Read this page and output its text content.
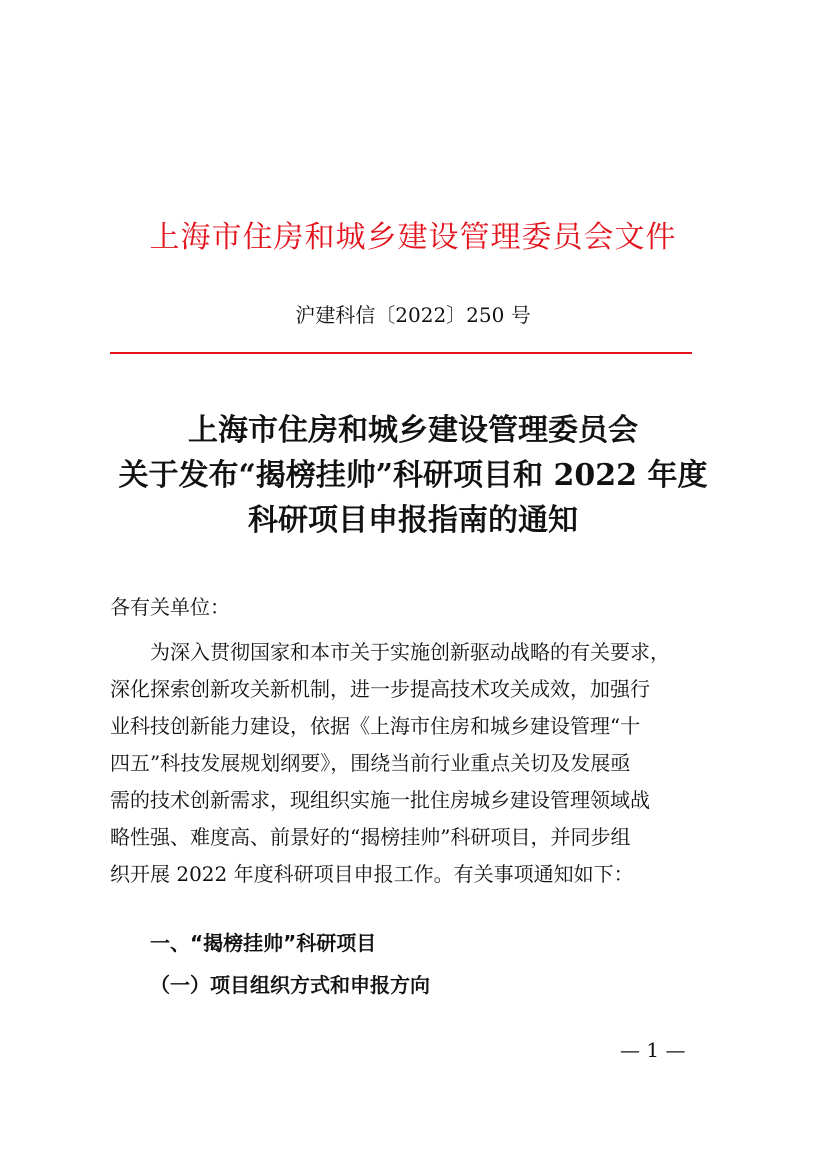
上海市住房和城乡建设管理委员会文件
沪建科信〔2022〕250 号
上海市住房和城乡建设管理委员会
关于发布“揭榜挂帅”科研项目和 2022 年度
科研项目申报指南的通知
各有关单位：
　　为深入贯彻国家和本市关于实施创新驱动战略的有关要求，
深化探索创新攻关新机制，进一步提高技术攻关成效，加强行
业科技创新能力建设，依据《上海市住房和城乡建设管理“十
四五”科技发展规划纲要》，围绕当前行业重点关切及发展亟
需的技术创新需求，现组织实施一批住房城乡建设管理领域战
略性强、难度高、前景好的“揭榜挂帅”科研项目，并同步组
织开展 2022 年度科研项目申报工作。有关事项通知如下：
一、“揭榜挂帅”科研项目
（一）项目组织方式和申报方向
— 1 —
